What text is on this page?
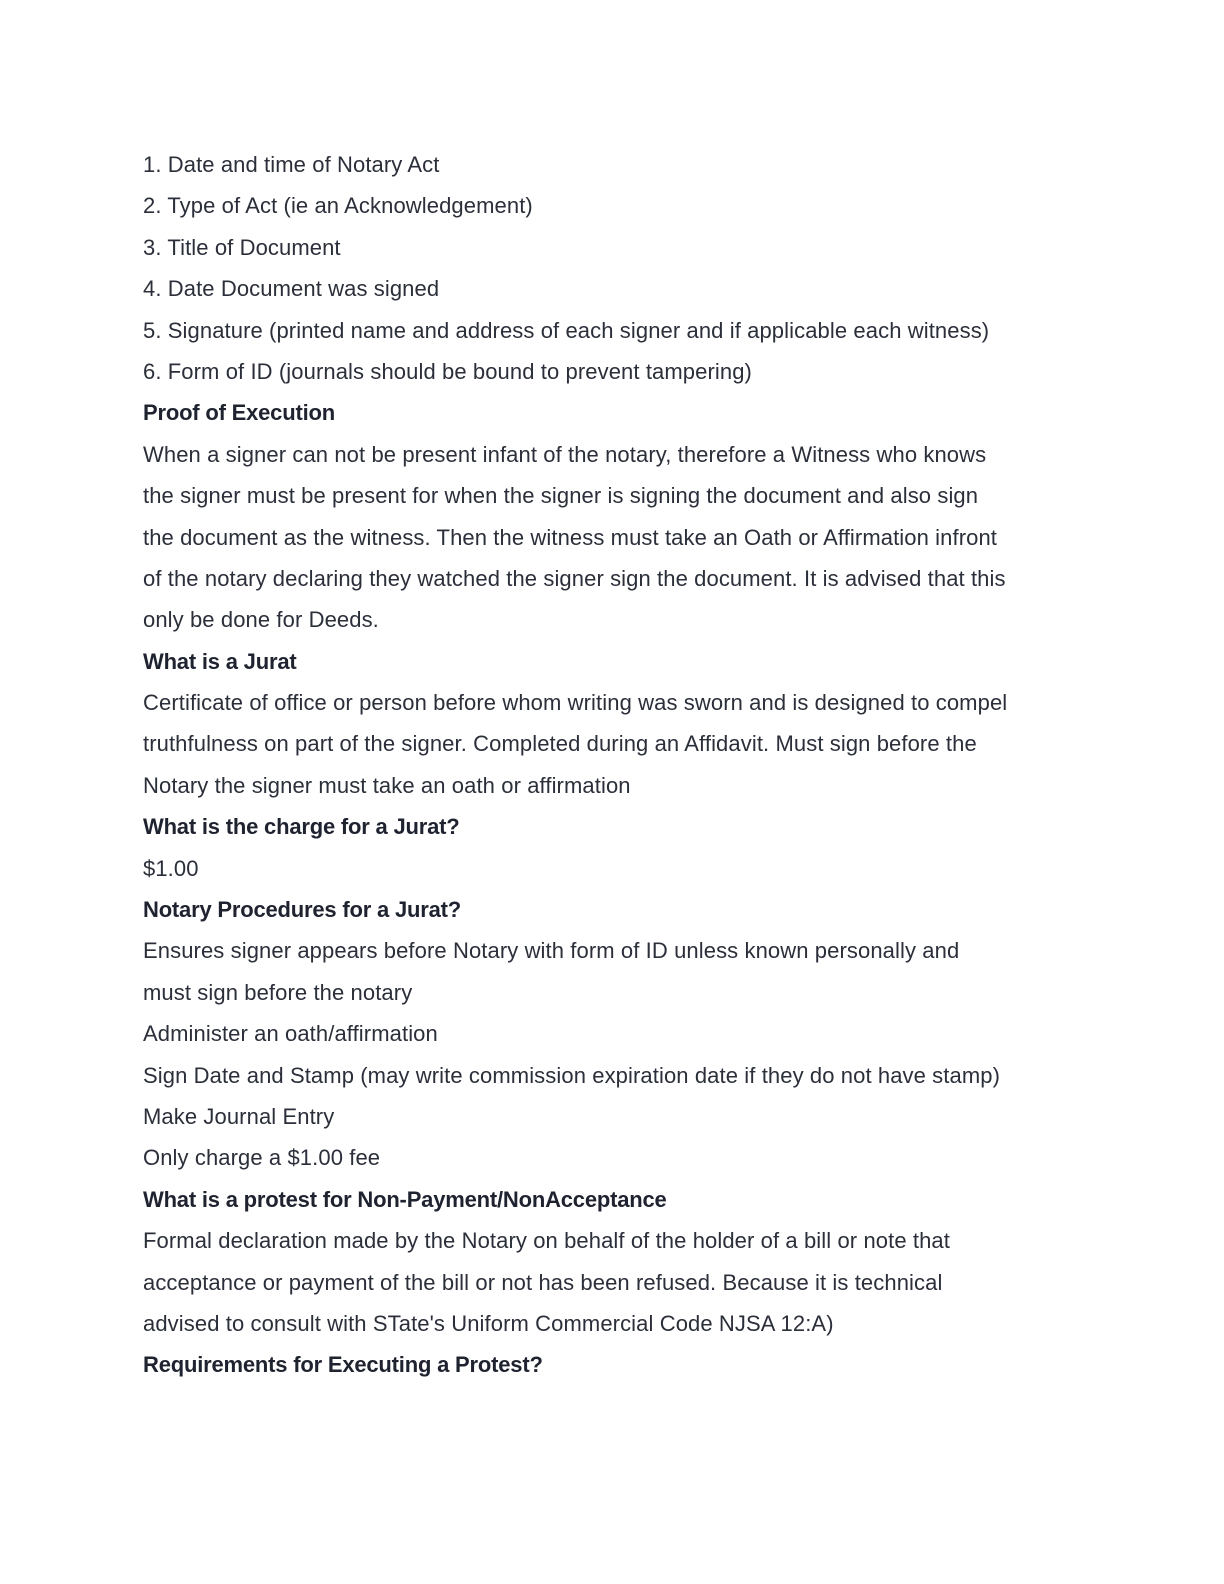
1. Date and time of Notary Act
2. Type of Act (ie an Acknowledgement)
3. Title of Document
4. Date Document was signed
5. Signature (printed name and address of each signer and if applicable each witness)
6. Form of ID (journals should be bound to prevent tampering)
Proof of Execution
When a signer can not be present infant of the notary, therefore a Witness who knows
the signer must be present for when the signer is signing the document and also sign
the document as the witness. Then the witness must take an Oath or Affirmation infront
of the notary declaring they watched the signer sign the document. It is advised that this
only be done for Deeds.
What is a Jurat
Certificate of office or person before whom writing was sworn and is designed to compel
truthfulness on part of the signer. Completed during an Affidavit. Must sign before the
Notary the signer must take an oath or affirmation
What is the charge for a Jurat?
$1.00
Notary Procedures for a Jurat?
Ensures signer appears before Notary with form of ID unless known personally and
must sign before the notary
Administer an oath/affirmation
Sign Date and Stamp (may write commission expiration date if they do not have stamp)
Make Journal Entry
Only charge a $1.00 fee
What is a protest for Non-Payment/NonAcceptance
Formal declaration made by the Notary on behalf of the holder of a bill or note that
acceptance or payment of the bill or not has been refused. Because it is technical
advised to consult with STate's Uniform Commercial Code NJSA 12:A)
Requirements for Executing a Protest?
